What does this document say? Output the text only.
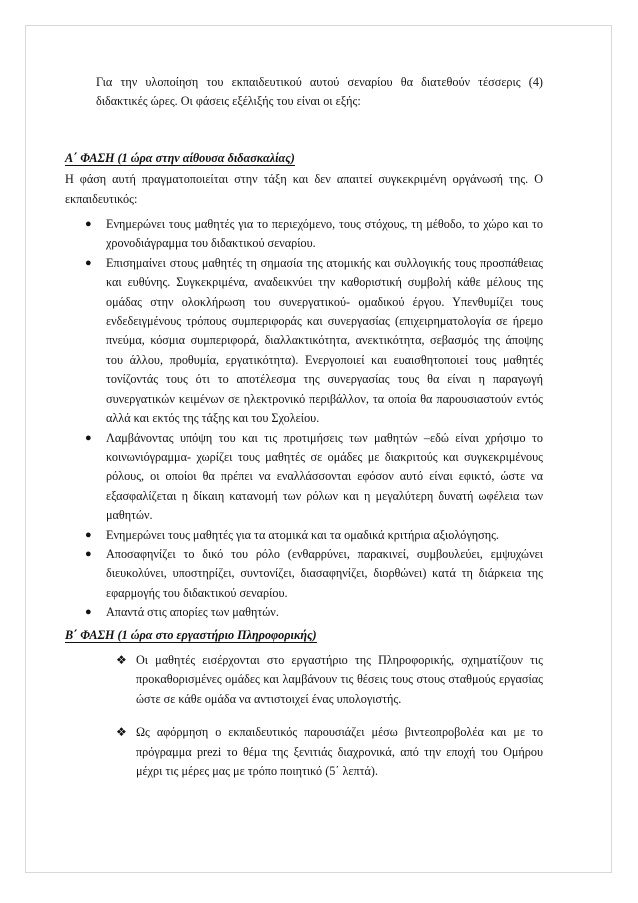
Για την υλοποίηση του εκπαιδευτικού αυτού σεναρίου θα διατεθούν τέσσερις (4) διδακτικές ώρες. Οι φάσεις εξέλιξής του είναι οι εξής:

Α΄ ΦΑΣΗ (1 ώρα στην αίθουσα διδασκαλίας)

Η φάση αυτή πραγματοποιείται στην τάξη και δεν απαιτεί συγκεκριμένη οργάνωσή της. Ο εκπαιδευτικός:

● Ενημερώνει τους μαθητές για το περιεχόμενο, τους στόχους, τη μέθοδο, το χώρο και το χρονοδιάγραμμα του διδακτικού σεναρίου.
● Επισημαίνει στους μαθητές τη σημασία της ατομικής και συλλογικής τους προσπάθειας και ευθύνης. Συγκεκριμένα, αναδεικνύει την καθοριστική συμβολή κάθε μέλους της ομάδας στην ολοκλήρωση του συνεργατικού- ομαδικού έργου. Υπενθυμίζει τους ενδεδειγμένους τρόπους συμπεριφοράς και συνεργασίας (επιχειρηματολογία σε ήρεμο πνεύμα, κόσμια συμπεριφορά, διαλλακτικότητα, ανεκτικότητα, σεβασμός της άποψης του άλλου, προθυμία, εργατικότητα). Ενεργοποιεί και ευαισθητοποιεί τους μαθητές τονίζοντάς τους ότι το αποτέλεσμα της συνεργασίας τους θα είναι η παραγωγή συνεργατικών κειμένων σε ηλεκτρονικό περιβάλλον, τα οποία θα παρουσιαστούν εντός αλλά και εκτός της τάξης και του Σχολείου.
● Λαμβάνοντας υπόψη του και τις προτιμήσεις των μαθητών –εδώ είναι χρήσιμο το κοινωνιόγραμμα- χωρίζει τους μαθητές σε ομάδες με διακριτούς και συγκεκριμένους ρόλους, οι οποίοι θα πρέπει να εναλλάσσονται εφόσον αυτό είναι εφικτό, ώστε να εξασφαλίζεται η δίκαιη κατανομή των ρόλων και η μεγαλύτερη δυνατή ωφέλεια των μαθητών.
● Ενημερώνει τους μαθητές για τα ατομικά και τα ομαδικά κριτήρια αξιολόγησης.
● Αποσαφηνίζει το δικό του ρόλο (ενθαρρύνει, παρακινεί, συμβουλεύει, εμψυχώνει διευκολύνει, υποστηρίζει, συντονίζει, διασαφηνίζει, διορθώνει) κατά τη διάρκεια της εφαρμογής του διδακτικού σεναρίου.
● Απαντά στις απορίες των μαθητών.
Β΄ ΦΑΣΗ (1 ώρα στο εργαστήριο Πληροφορικής)
❖ Οι μαθητές εισέρχονται στο εργαστήριο της Πληροφορικής, σχηματίζουν τις προκαθορισμένες ομάδες και λαμβάνουν τις θέσεις τους στους σταθμούς εργασίας ώστε σε κάθε ομάδα να αντιστοιχεί ένας υπολογιστής.
❖ Ως αφόρμηση ο εκπαιδευτικός παρουσιάζει μέσω βιντεοπροβολέα και με το πρόγραμμα prezi το θέμα της ξενιτιάς διαχρονικά, από την εποχή του Ομήρου μέχρι τις μέρες μας με τρόπο ποιητικό (5΄ λεπτά).
